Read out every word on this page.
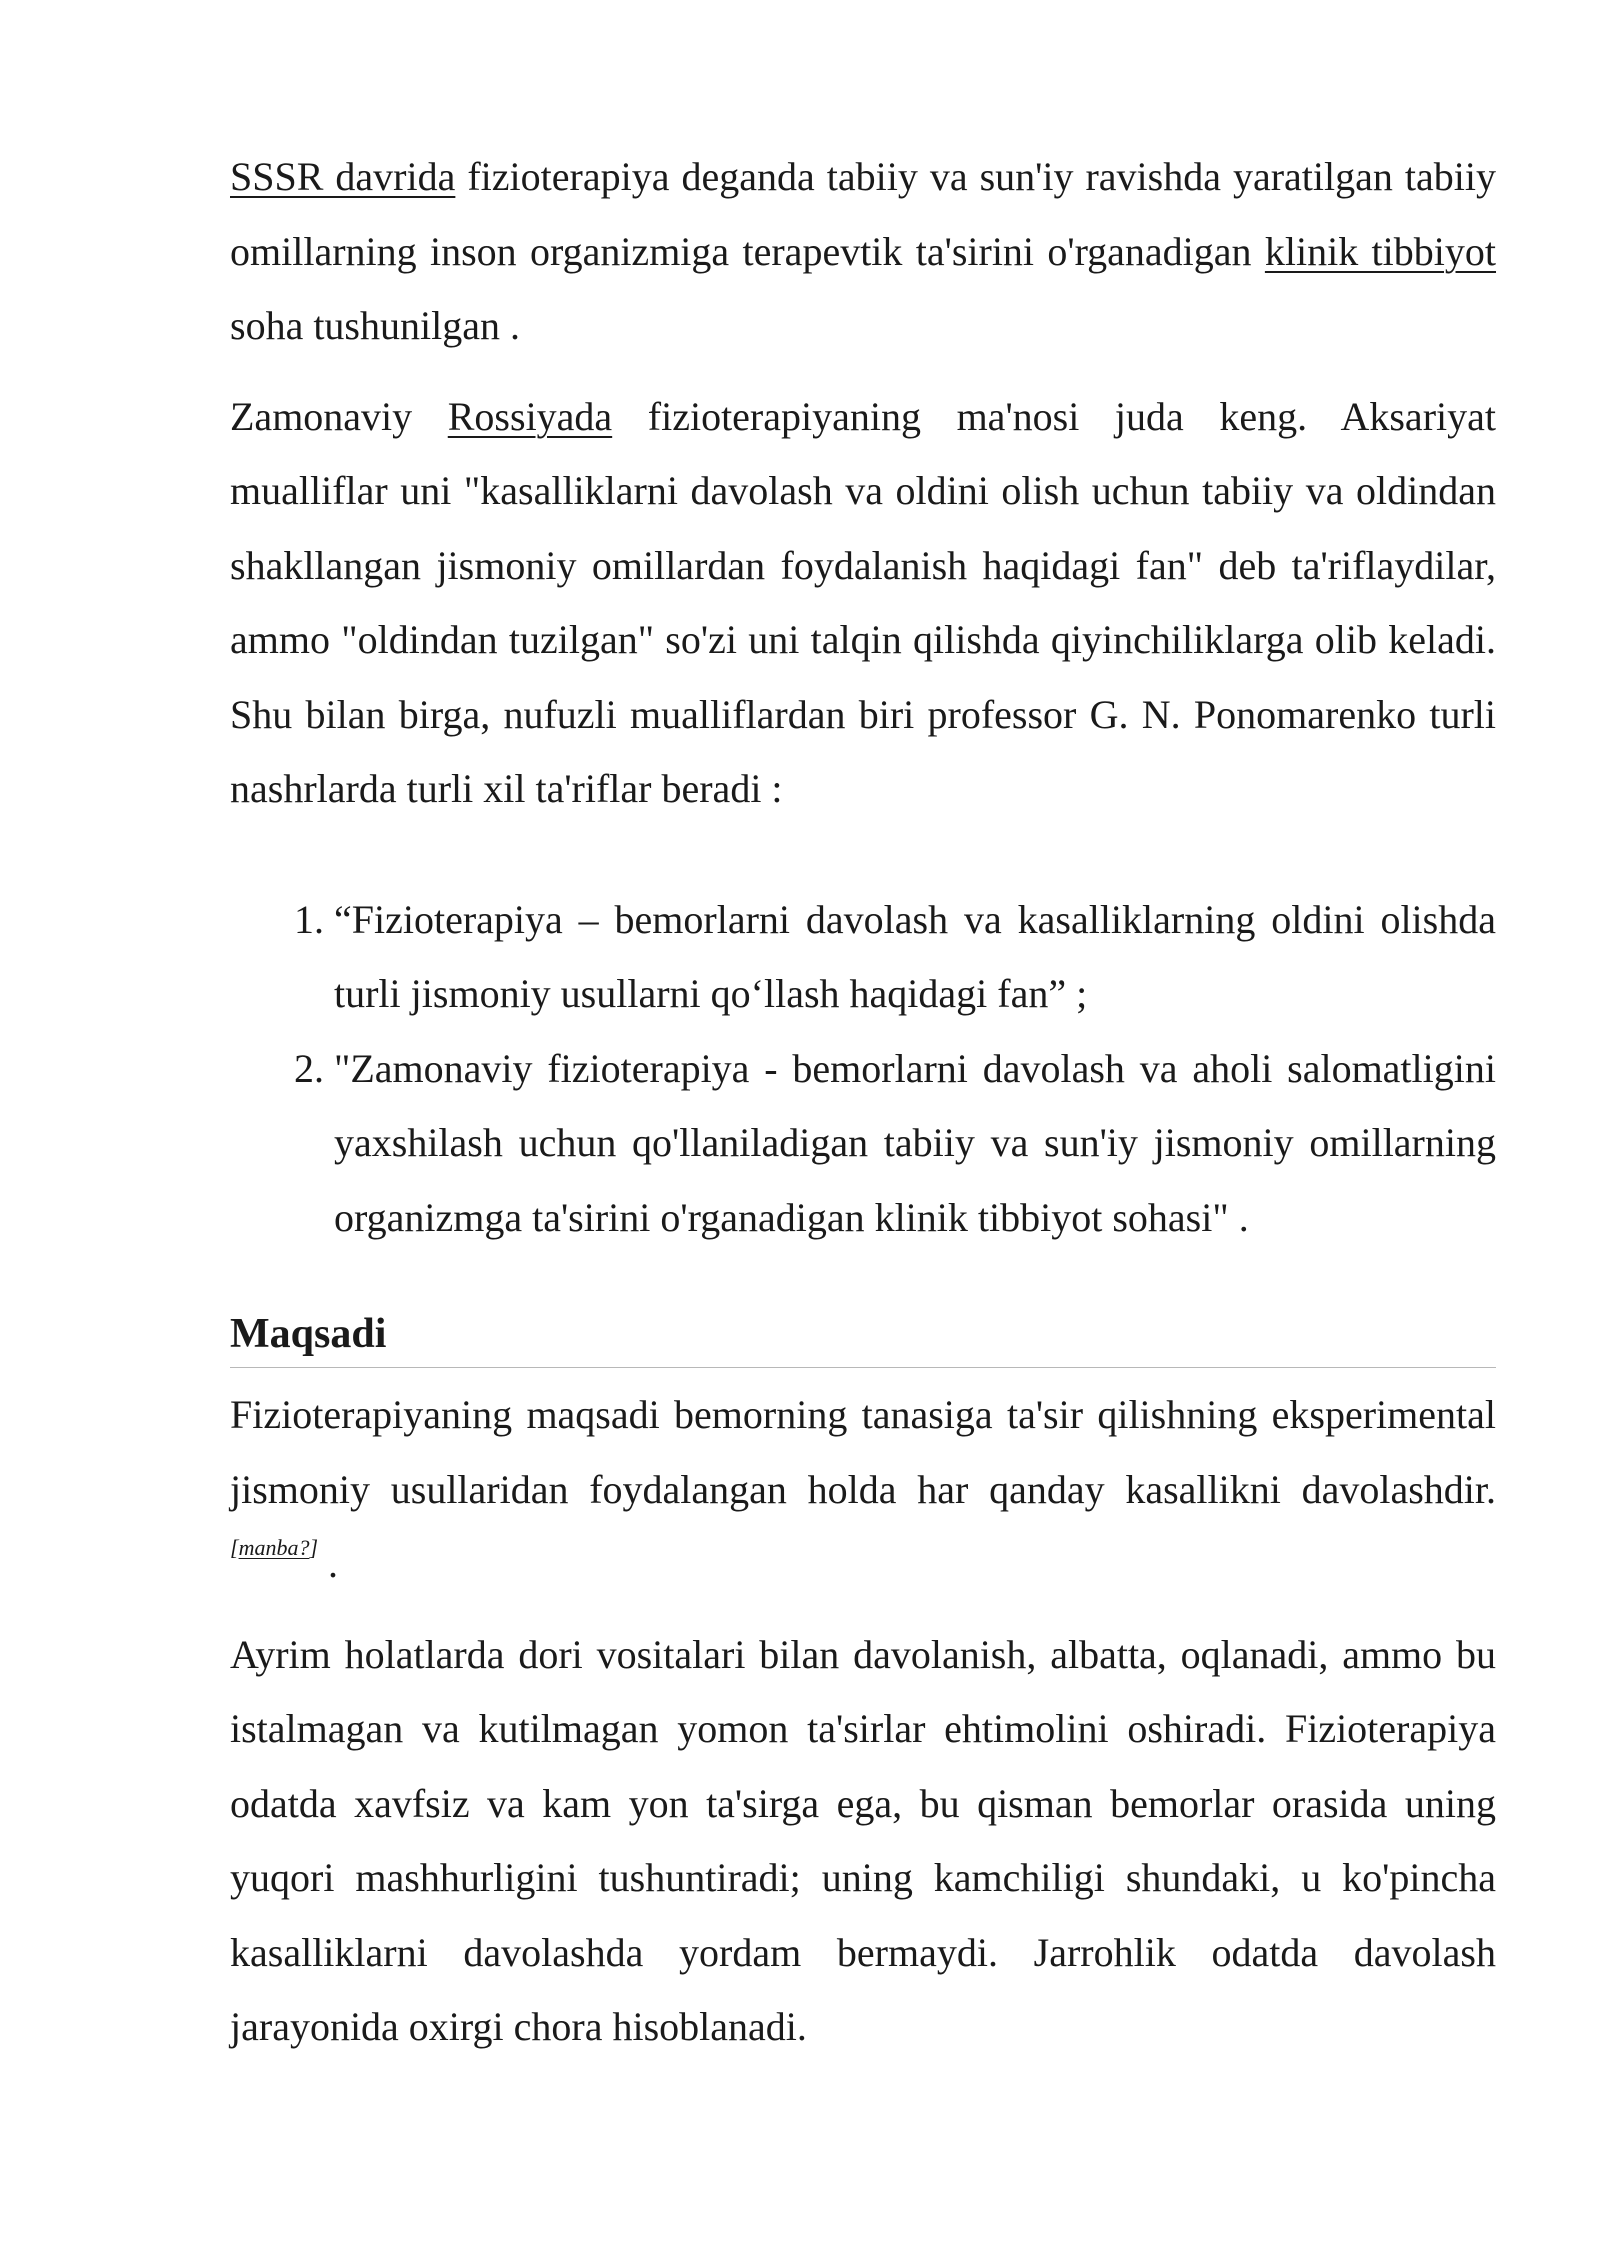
SSSR davrida fizioterapiya deganda tabiiy va sun'iy ravishda yaratilgan tabiiy omillarning inson organizmiga terapevtik ta'sirini o'rganadigan klinik tibbiyot soha tushunilgan .

Zamonaviy Rossiyada fizioterapiyaning ma'nosi juda keng. Aksariyat mualliflar uni "kasalliklarni davolash va oldini olish uchun tabiiy va oldindan shakllangan jismoniy omillardan foydalanish haqidagi fan" deb ta'riflaydilar, ammo "oldindan tuzilgan" so'zi uni talqin qilishda qiyinchiliklarga olib keladi. Shu bilan birga, nufuzli mualliflardan biri professor G. N. Ponomarenko turli nashrlarda turli xil ta'riflar beradi :

1. “Fizioterapiya – bemorlarni davolash va kasalliklarning oldini olishda turli jismoniy usullarni qo‘llash haqidagi fan” ;
2. "Zamonaviy fizioterapiya - bemorlarni davolash va aholi salomatligini yaxshilash uchun qo'llaniladigan tabiiy va sun'iy jismoniy omillarning organizmga ta'sirini o'rganadigan klinik tibbiyot sohasi" .
Maqsadi

Fizioterapiyaning maqsadi bemorning tanasiga ta'sir qilishning eksperimental jismoniy usullaridan foydalangan holda har qanday kasallikni davolashdir.[manba?] .

Ayrim holatlarda dori vositalari bilan davolanish, albatta, oqlanadi, ammo bu istalmagan va kutilmagan yomon ta'sirlar ehtimolini oshiradi. Fizioterapiya odatda xavfsiz va kam yon ta'sirga ega, bu qisman bemorlar orasida uning yuqori mashhurligini tushuntiradi; uning kamchiligi shundaki, u ko'pincha kasalliklarni davolashda yordam bermaydi. Jarrohlik odatda davolash jarayonida oxirgi chora hisoblanadi.
